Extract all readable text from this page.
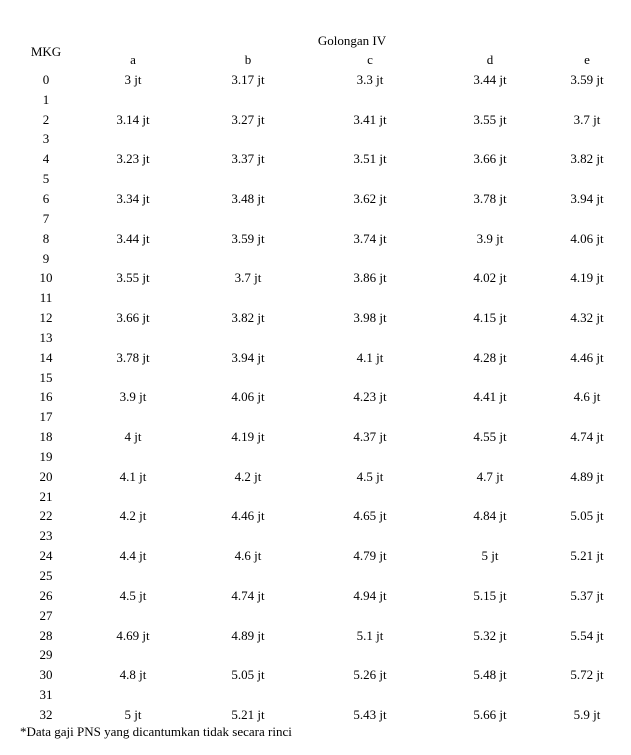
MKG	Golongan IV				
	a	b	c	d	e
0	3 jt	3.17 jt	3.3 jt	3.44 jt	3.59 jt
1					
2	3.14 jt	3.27 jt	3.41 jt	3.55 jt	3.7 jt
3					
4	3.23 jt	3.37 jt	3.51 jt	3.66 jt	3.82 jt
5					
6	3.34 jt	3.48 jt	3.62 jt	3.78 jt	3.94 jt
7					
8	3.44 jt	3.59 jt	3.74 jt	3.9 jt	4.06 jt
9					
10	3.55 jt	3.7 jt	3.86 jt	4.02 jt	4.19 jt
11					
12	3.66 jt	3.82 jt	3.98 jt	4.15 jt	4.32 jt
13					
14	3.78 jt	3.94 jt	4.1 jt	4.28 jt	4.46 jt
15					
16	3.9 jt	4.06 jt	4.23 jt	4.41 jt	4.6 jt
17					
18	4 jt	4.19 jt	4.37 jt	4.55 jt	4.74 jt
19					
20	4.1 jt	4.2 jt	4.5 jt	4.7 jt	4.89 jt
21					
22	4.2 jt	4.46 jt	4.65 jt	4.84 jt	5.05 jt
23					
24	4.4 jt	4.6 jt	4.79 jt	5 jt	5.21 jt
25					
26	4.5 jt	4.74 jt	4.94 jt	5.15 jt	5.37 jt
27					
28	4.69 jt	4.89 jt	5.1 jt	5.32 jt	5.54 jt
29					
30	4.8 jt	5.05 jt	5.26 jt	5.48 jt	5.72 jt
31					
32	5 jt	5.21 jt	5.43 jt	5.66 jt	5.9 jt
*Data gaji PNS yang dicantumkan tidak secara rinci
